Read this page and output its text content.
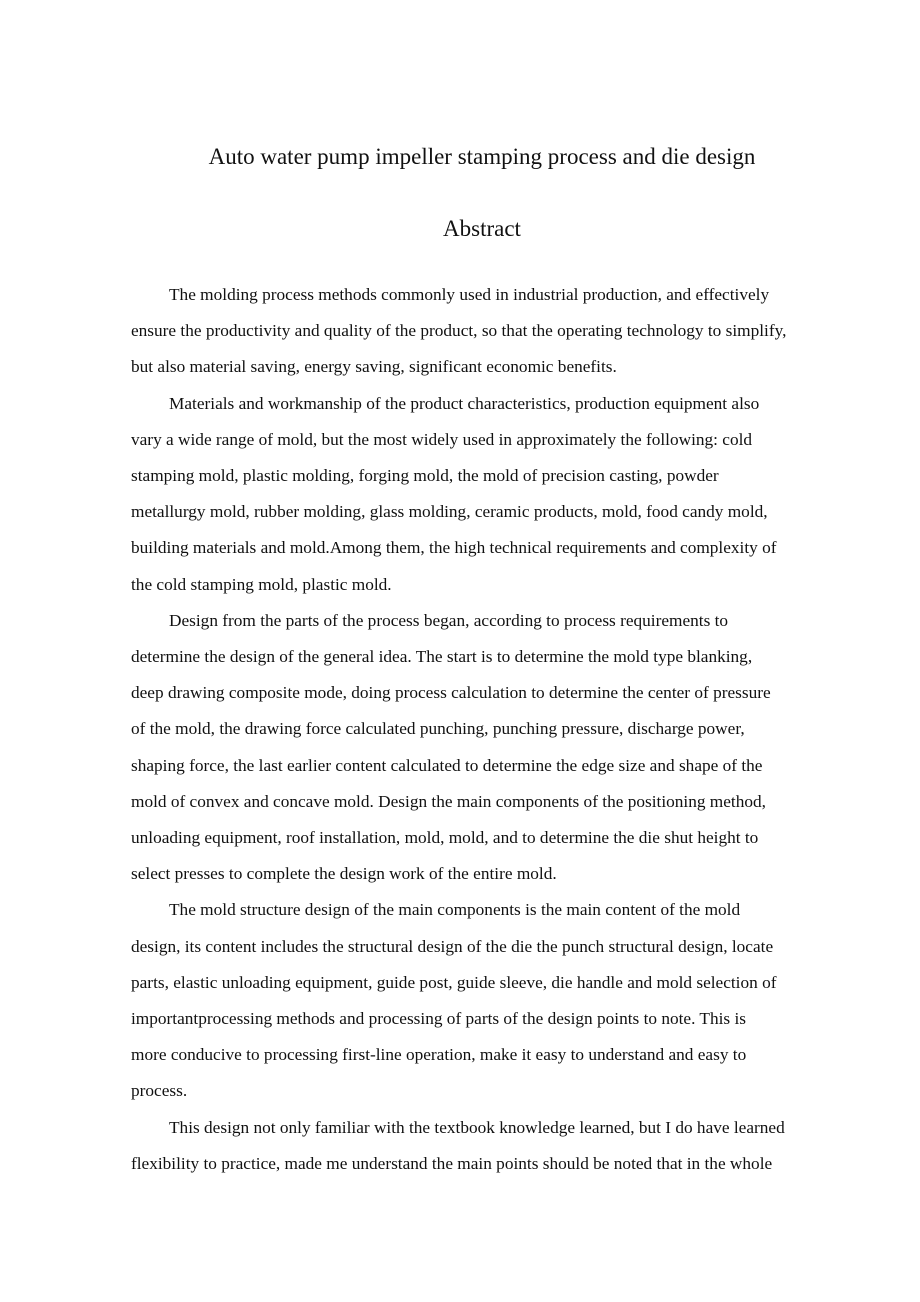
Auto water pump impeller stamping process and die design
Abstract

The molding process methods commonly used in industrial production, and effectively
ensure the productivity and quality of the product, so that the operating technology to simplify,
but also material saving, energy saving, significant economic benefits.

Materials and workmanship of the product characteristics, production equipment also
vary a wide range of mold, but the most widely used in approximately the following: cold
stamping mold, plastic molding, forging mold, the mold of precision casting, powder
metallurgy mold, rubber molding, glass molding, ceramic products, mold, food candy mold,
building materials and mold.Among them, the high technical requirements and complexity of
the cold stamping mold, plastic mold.

Design from the parts of the process began, according to process requirements to
determine the design of the general idea. The start is to determine the mold type blanking,
deep drawing composite mode, doing process calculation to determine the center of pressure
of the mold, the drawing force calculated punching, punching pressure, discharge power,
shaping force, the last earlier content calculated to determine the edge size and shape of the
mold of convex and concave mold. Design the main components of the positioning method,
unloading equipment, roof installation, mold, mold, and to determine the die shut height to
select presses to complete the design work of the entire mold.

The mold structure design of the main components is the main content of the mold
design, its content includes the structural design of the die the punch structural design, locate
parts, elastic unloading equipment, guide post, guide sleeve, die handle and mold selection of
importantprocessing methods and processing of parts of the design points to note. This is
more conducive to processing first-line operation, make it easy to understand and easy to
process.

This design not only familiar with the textbook knowledge learned, but I do have learned
flexibility to practice, made me understand the main points should be noted that in the whole
